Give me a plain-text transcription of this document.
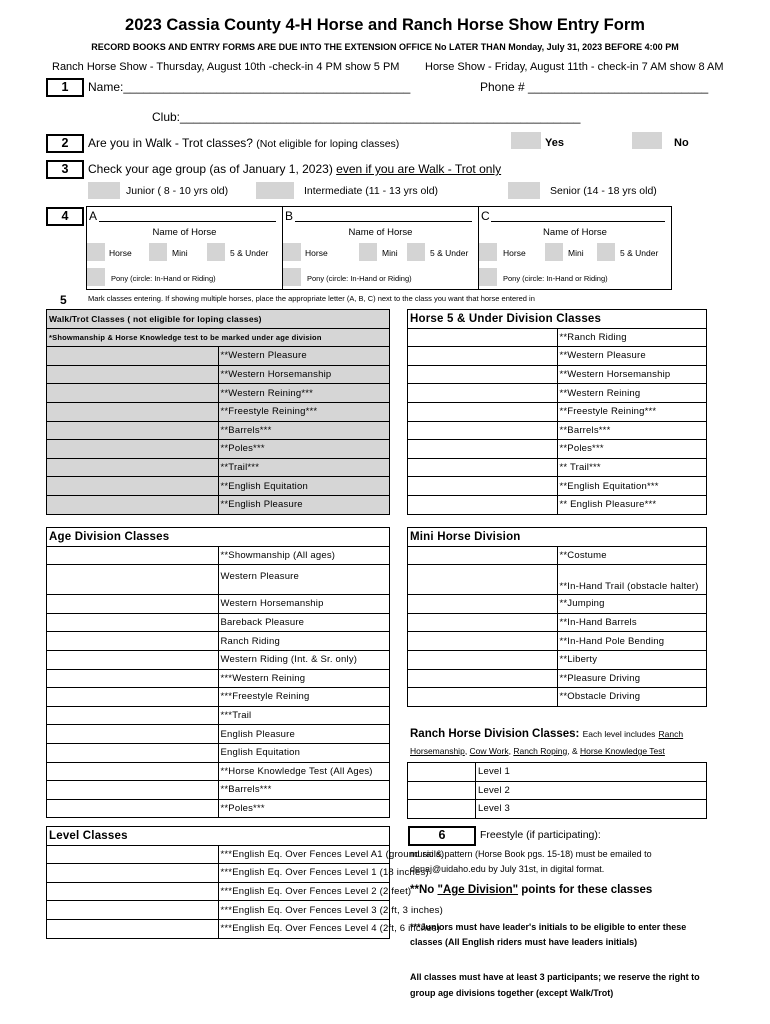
2023 Cassia County 4-H Horse and Ranch Horse Show Entry Form
RECORD BOOKS AND ENTRY FORMS ARE DUE INTO THE EXTENSION OFFICE No LATER THAN Monday, July 31, 2023 BEFORE 4:00 PM
Ranch Horse Show - Thursday, August 10th -check-in 4 PM show 5 PM Horse Show - Friday, August 11th - check-in 7 AM show 8 AM
1	Name:___________________________________________	Phone # ___________________________
Club:____________________________________________________________
2	Are you in Walk - Trot classes? (Not eligible for loping classes)	Yes	No
3	Check your age group (as of January 1, 2023) even if you are Walk - Trot only
Junior ( 8 - 10 yrs old)	Intermediate (11 - 13 yrs old)	Senior (14 - 18 yrs old)
4	A
Name of Horse
Horse	Mini	5 & Under
Pony (circle: In-Hand or Riding)
B
Name of Horse
Horse	Mini	5 & Under
Pony (circle: In-Hand or Riding)
C
Name of Horse
Horse	Mini	5 & Under
Pony (circle: In-Hand or Riding)
5	Mark classes entering. If showing multiple horses, place the appropriate letter (A, B, C) next to the class you want that horse entered in
Walk/Trot Classes ( not eligible for loping classes)	
*Showmanship & Horse Knowledge test to be marked under age division	
	**Western Pleasure
	**Western Horsemanship
	**Western Reining***
	**Freestyle Reining***
	**Barrels***
	**Poles***
	**Trail***
	**English Equitation
	**English Pleasure
Horse 5 & Under Division Classes	
	**Ranch Riding
	**Western Pleasure
	**Western Horsemanship
	**Western Reining
	**Freestyle Reining***
	**Barrels***
	**Poles***
	** Trail***
	**English Equitation***
	** English Pleasure***
Age Division Classes	
	**Showmanship (All ages)
	Western Pleasure
	Western Horsemanship
	Bareback Pleasure
	Ranch Riding
	Western Riding (Int. & Sr. only)
	***Western Reining
	***Freestyle Reining
	***Trail
	English Pleasure
	English Equitation
	**Horse Knowledge Test (All Ages)
	**Barrels***
	**Poles***
Mini Horse Division	
	**Costume
	**In-Hand Trail (obstacle halter)
	**Jumping
	**In-Hand Barrels
	**In-Hand Pole Bending
	**Liberty
	**Pleasure Driving
	**Obstacle Driving
Ranch Horse Division Classes: Each level includes Ranch
Horsemanship, Cow Work, Ranch Roping, & Horse Knowledge Test
	Level 1
	Level 2
	Level 3
Level Classes	
	***English Eq. Over Fences Level A1 (ground rails)
	***English Eq. Over Fences Level 1 (18 inches)
	***English Eq. Over Fences Level 2 (2 feet)
	***English Eq. Over Fences Level 3 (2 ft, 3 inches)
	***English Eq. Over Fences Level 4 (2ft, 6 inches)
6	Freestyle (if participating):
music & pattern (Horse Book pgs. 15-18) must be emailed to
denaj@uidaho.edu by July 31st, in digital format.
**No "Age Division" points for these classes
***Juniors must have leader's initials to be eligible to enter these
classes (All English riders must have leaders initials)
All classes must have at least 3 participants; we reserve the right to
group age divisions together (except Walk/Trot)
